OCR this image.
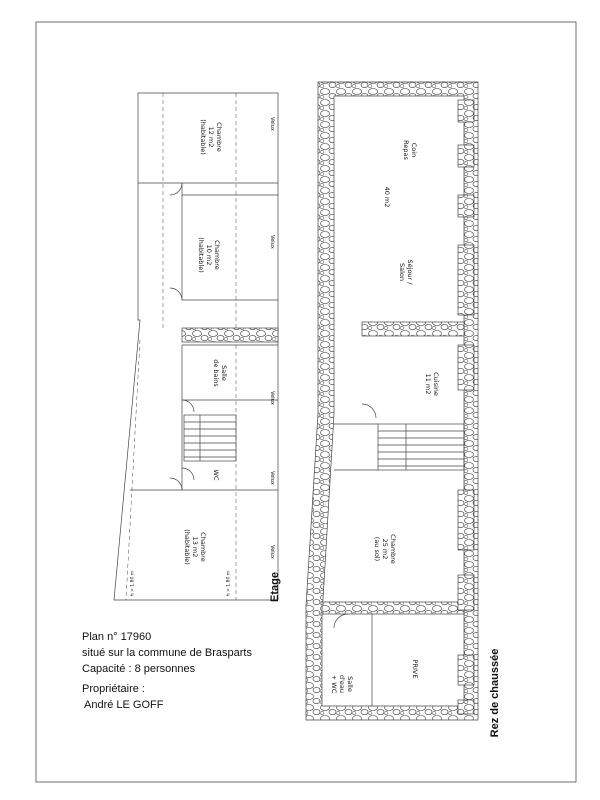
Chambre
12 m2
(habitable)
Chambre
10 m2
(habitable)
Salle
de bains
WC
Chambre
13 m2
(habitable)
Velux
Velux
Velux
Velux
Velux
h = 1.80 m	h = 1.80 m	Etage
Coin
Repas
40 m2
Séjour /
Salon
Cuisine
11 m2
Chambre
25 m2
(au sol)
Salle
d'eau
+ WC
PRIVE	Rez de chaussée
Plan n° 17960
situé sur la commune de Brasparts
Capacité : 8 personnes
Propriétaire :
André LE GOFF
